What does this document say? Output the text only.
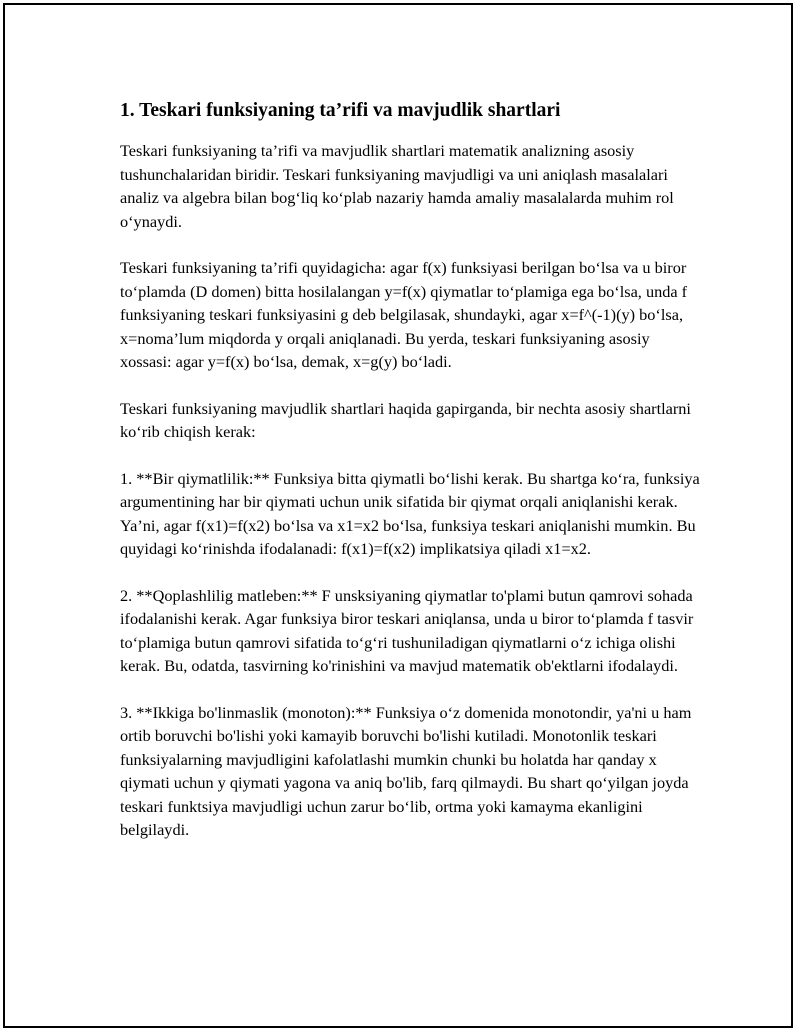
1. Teskari funksiyaning ta’rifi va mavjudlik shartlari

Teskari funksiyaning ta’rifi va mavjudlik shartlari matematik analizning asosiy tushunchalaridan biridir. Teskari funksiyaning mavjudligi va uni aniqlash masalalari analiz va algebra bilan bog‘liq ko‘plab nazariy hamda amaliy masalalarda muhim rol o‘ynaydi.

Teskari funksiyaning ta’rifi quyidagicha: agar f(x) funksiyasi berilgan bo‘lsa va u biror to‘plamda (D domen) bitta hosilalangan y=f(x) qiymatlar to‘plamiga ega bo‘lsa, unda f funksiyaning teskari funksiyasini g deb belgilasak, shundayki, agar x=f^(-1)(y) bo‘lsa, x=noma’lum miqdorda y orqali aniqlanadi. Bu yerda, teskari funksiyaning asosiy xossasi: agar y=f(x) bo‘lsa, demak, x=g(y) bo‘ladi.

Teskari funksiyaning mavjudlik shartlari haqida gapirganda, bir nechta asosiy shartlarni ko‘rib chiqish kerak:

1. **Bir qiymatlilik:** Funksiya bitta qiymatli bo‘lishi kerak. Bu shartga ko‘ra, funksiya argumentining har bir qiymati uchun unik sifatida bir qiymat orqali aniqlanishi kerak. Ya’ni, agar f(x1)=f(x2) bo‘lsa va x1=x2 bo‘lsa, funksiya teskari aniqlanishi mumkin. Bu quyidagi ko‘rinishda ifodalanadi: f(x1)=f(x2) implikatsiya qiladi x1=x2.

2. **Qoplashlilig matleben:** F unsksiyaning qiymatlar to'plami butun qamrovi sohada ifodalanishi kerak. Agar funksiya biror teskari aniqlansa, unda u biror to‘plamda f tasvir to‘plamiga butun qamrovi sifatida to‘g‘ri tushuniladigan qiymatlarni o‘z ichiga olishi kerak. Bu, odatda, tasvirning ko'rinishini va mavjud matematik ob'ektlarni ifodalaydi.

3. **Ikkiga bo'linmaslik (monoton):** Funksiya o‘z domenida monotondir, ya'ni u ham ortib boruvchi bo'lishi yoki kamayib boruvchi bo'lishi kutiladi. Monotonlik teskari funksiyalarning mavjudligini kafolatlashi mumkin chunki bu holatda har qanday x qiymati uchun y qiymati yagona va aniq bo'lib, farq qilmaydi. Bu shart qo‘yilgan joyda teskari funktsiya mavjudligi uchun zarur bo‘lib, ortma yoki kamayma ekanligini belgilaydi.
